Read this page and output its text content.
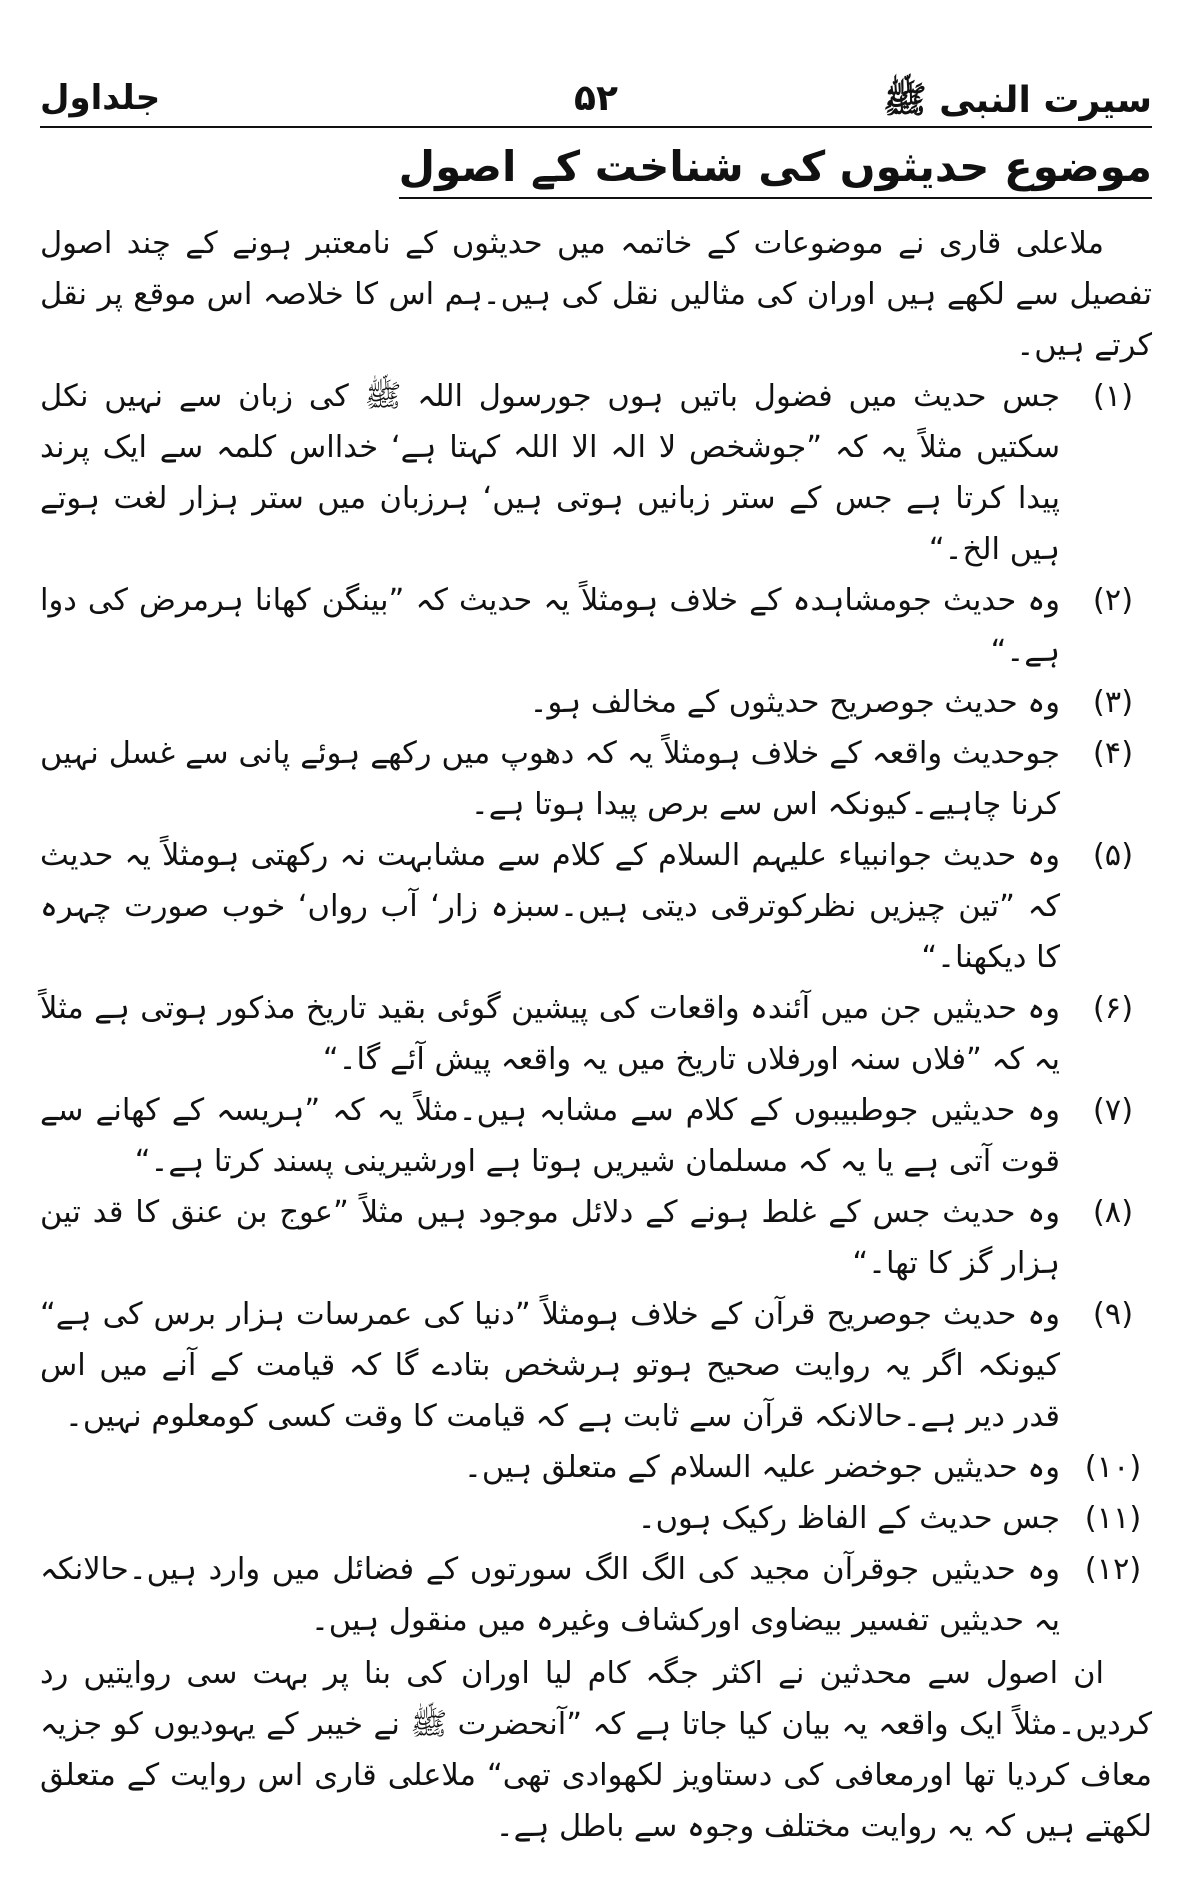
سیرت النبی ﷺ
۵۲
جلداول
موضوع حدیثوں کی شناخت کے اصول

ملاعلی قاری نے موضوعات کے خاتمہ میں حدیثوں کے نامعتبر ہونے کے چند اصول تفصیل سے لکھے ہیں اوران کی مثالیں نقل کی ہیں۔ہم اس کا خلاصہ اس موقع پر نقل کرتے ہیں۔

(۱)
جس حدیث میں فضول باتیں ہوں جورسول اللہ ﷺ کی زبان سے نہیں نکل سکتیں مثلاً یہ کہ ”جوشخص لا الہ الا اللہ کہتا ہے‘ خدااس کلمہ سے ایک پرند پیدا کرتا ہے جس کے ستر زبانیں ہوتی ہیں‘ ہرزبان میں ستر ہزار لغت ہوتے ہیں الخ۔“
(۲)
وہ حدیث جومشاہدہ کے خلاف ہومثلاً یہ حدیث کہ ”بینگن کھانا ہرمرض کی دوا ہے۔“
(۳)
وہ حدیث جوصریح حدیثوں کے مخالف ہو۔
(۴)
جوحدیث واقعہ کے خلاف ہومثلاً یہ کہ دھوپ میں رکھے ہوئے پانی سے غسل نہیں کرنا چاہیے۔کیونکہ اس سے برص پیدا ہوتا ہے۔
(۵)
وہ حدیث جوانبیاء علیہم السلام کے کلام سے مشابہت نہ رکھتی ہومثلاً یہ حدیث کہ ”تین چیزیں نظرکوترقی دیتی ہیں۔سبزہ زار‘ آب رواں‘ خوب صورت چہرہ کا دیکھنا۔“
(۶)
وہ حدیثیں جن میں آئندہ واقعات کی پیشین گوئی بقید تاریخ مذکور ہوتی ہے مثلاً یہ کہ ”فلاں سنہ اورفلاں تاریخ میں یہ واقعہ پیش آئے گا۔“
(۷)
وہ حدیثیں جوطبیبوں کے کلام سے مشابہ ہیں۔مثلاً یہ کہ ”ہریسہ کے کھانے سے قوت آتی ہے یا یہ کہ مسلمان شیریں ہوتا ہے اورشیرینی پسند کرتا ہے۔“
(۸)
وہ حدیث جس کے غلط ہونے کے دلائل موجود ہیں مثلاً ”عوج بن عنق کا قد تین ہزار گز کا تھا۔“
(۹)
وہ حدیث جوصریح قرآن کے خلاف ہومثلاً ”دنیا کی عمرسات ہزار برس کی ہے“ کیونکہ اگر یہ روایت صحیح ہوتو ہرشخص بتادے گا کہ قیامت کے آنے میں اس قدر دیر ہے۔حالانکہ قرآن سے ثابت ہے کہ قیامت کا وقت کسی کومعلوم نہیں۔
(۱۰)
وہ حدیثیں جوخضر علیہ السلام کے متعلق ہیں۔
(۱۱)
جس حدیث کے الفاظ رکیک ہوں۔
(۱۲)
وہ حدیثیں جوقرآن مجید کی الگ الگ سورتوں کے فضائل میں وارد ہیں۔حالانکہ یہ حدیثیں تفسیر بیضاوی اورکشاف وغیرہ میں منقول ہیں۔

ان اصول سے محدثین نے اکثر جگہ کام لیا اوران کی بنا پر بہت سی روایتیں رد کردیں۔مثلاً ایک واقعہ یہ بیان کیا جاتا ہے کہ ”آنحضرت ﷺ نے خیبر کے یہودیوں کو جزیہ معاف کردیا تھا اورمعافی کی دستاویز لکھوادی تھی“ ملاعلی قاری اس روایت کے متعلق لکھتے ہیں کہ یہ روایت مختلف وجوہ سے باطل ہے۔
